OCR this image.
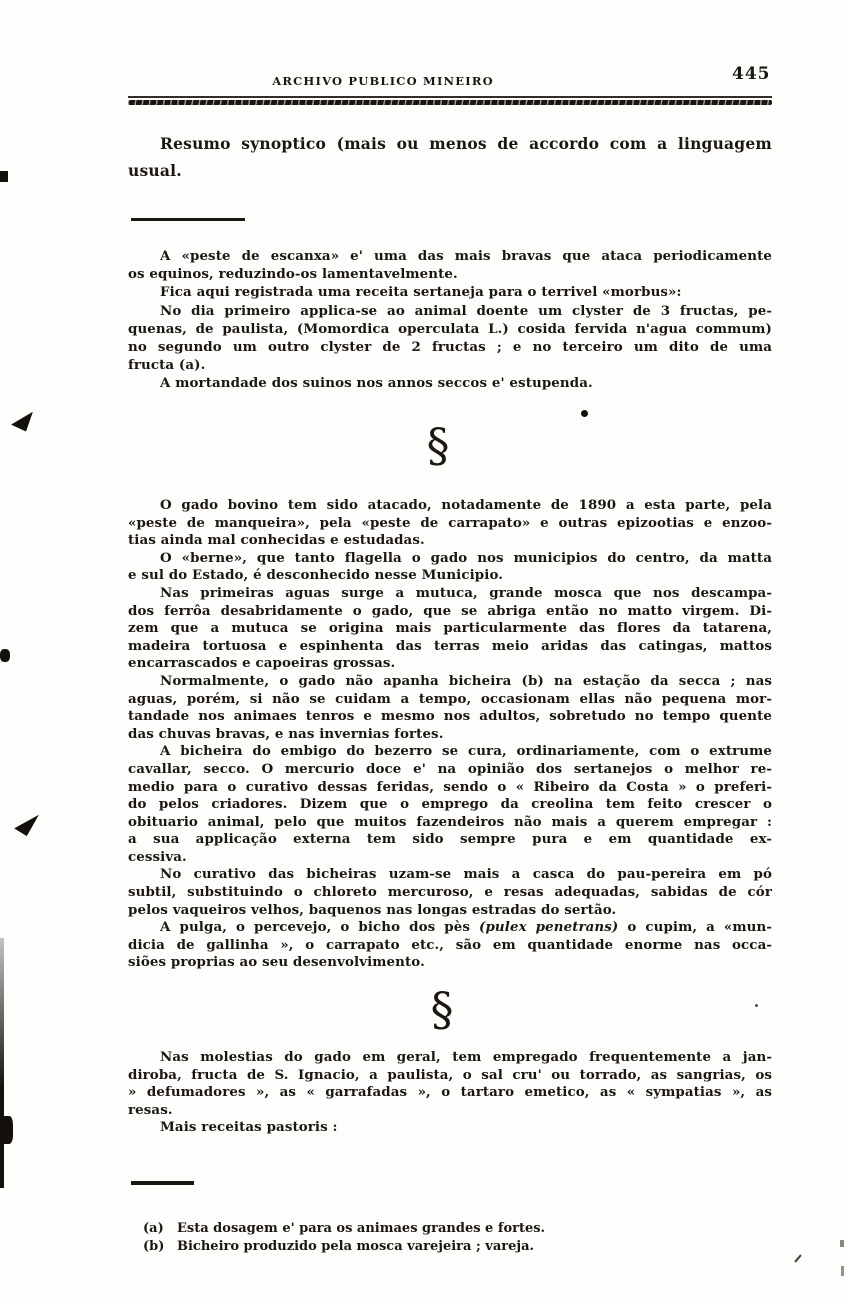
ARCHIVO PUBLICO MINEIRO	445
Resumo synoptico (mais ou menos de accordo com a linguagem
usual.
A «peste de escanxa» e' uma das mais bravas que ataca periodicamente
os equinos, reduzindo-os lamentavelmente.
Fica aqui registrada uma receita sertaneja para o terrivel «morbus»:
No dia primeiro applica-se ao animal doente um clyster de 3 fructas, pe-
quenas, de paulista, (Momordica operculata L.) cosida fervida n'agua commum)
no segundo um outro clyster de 2 fructas ; e no terceiro um dito de uma
fructa (a).
A mortandade dos suinos nos annos seccos e' estupenda.
§
O gado bovino tem sido atacado, notadamente de 1890 a esta parte, pela
«peste de manqueira», pela «peste de carrapato» e outras epizootias e enzoo-
tias ainda mal conhecidas e estudadas.
O «berne», que tanto flagella o gado nos municipios do centro, da matta
e sul do Estado, é desconhecido nesse Municipio.
Nas primeiras aguas surge a mutuca, grande mosca que nos descampa-
dos ferrôa desabridamente o gado, que se abriga então no matto virgem. Di-
zem que a mutuca se origina mais particularmente das flores da tatarena,
madeira tortuosa e espinhenta das terras meio aridas das catingas, mattos
encarrascados e capoeiras grossas.
Normalmente, o gado não apanha bicheira (b) na estação da secca ; nas
aguas, porém, si não se cuidam a tempo, occasionam ellas não pequena mor-
tandade nos animaes tenros e mesmo nos adultos, sobretudo no tempo quente
das chuvas bravas, e nas invernias fortes.
A bicheira do embigo do bezerro se cura, ordinariamente, com o extrume
cavallar, secco. O mercurio doce e' na opinião dos sertanejos o melhor re-
medio para o curativo dessas feridas, sendo o « Ribeiro da Costa » o preferi-
do pelos criadores. Dizem que o emprego da creolina tem feito crescer o
obituario animal, pelo que muitos fazendeiros não mais a querem empregar :
a sua applicação externa tem sido sempre pura e em quantidade ex-
cessiva.
No curativo das bicheiras uzam-se mais a casca do pau-pereira em pó
subtil, substituindo o chloreto mercuroso, e resas adequadas, sabidas de cór
pelos vaqueiros velhos, baquenos nas longas estradas do sertão.
A pulga, o percevejo, o bicho dos pès (pulex penetrans) o cupim, a «mun-
dicia de gallinha », o carrapato etc., são em quantidade enorme nas occa-
siões proprias ao seu desenvolvimento.
§
Nas molestias do gado em geral, tem empregado frequentemente a jan-
diroba, fructa de S. Ignacio, a paulista, o sal cru' ou torrado, as sangrias, os
» defumadores », as « garrafadas », o tartaro emetico, as « sympatias », as
resas.
Mais receitas pastoris :
(a)	Esta dosagem e' para os animaes grandes e fortes.
(b) Bicheiro produzido pela mosca varejeira ; vareja.
